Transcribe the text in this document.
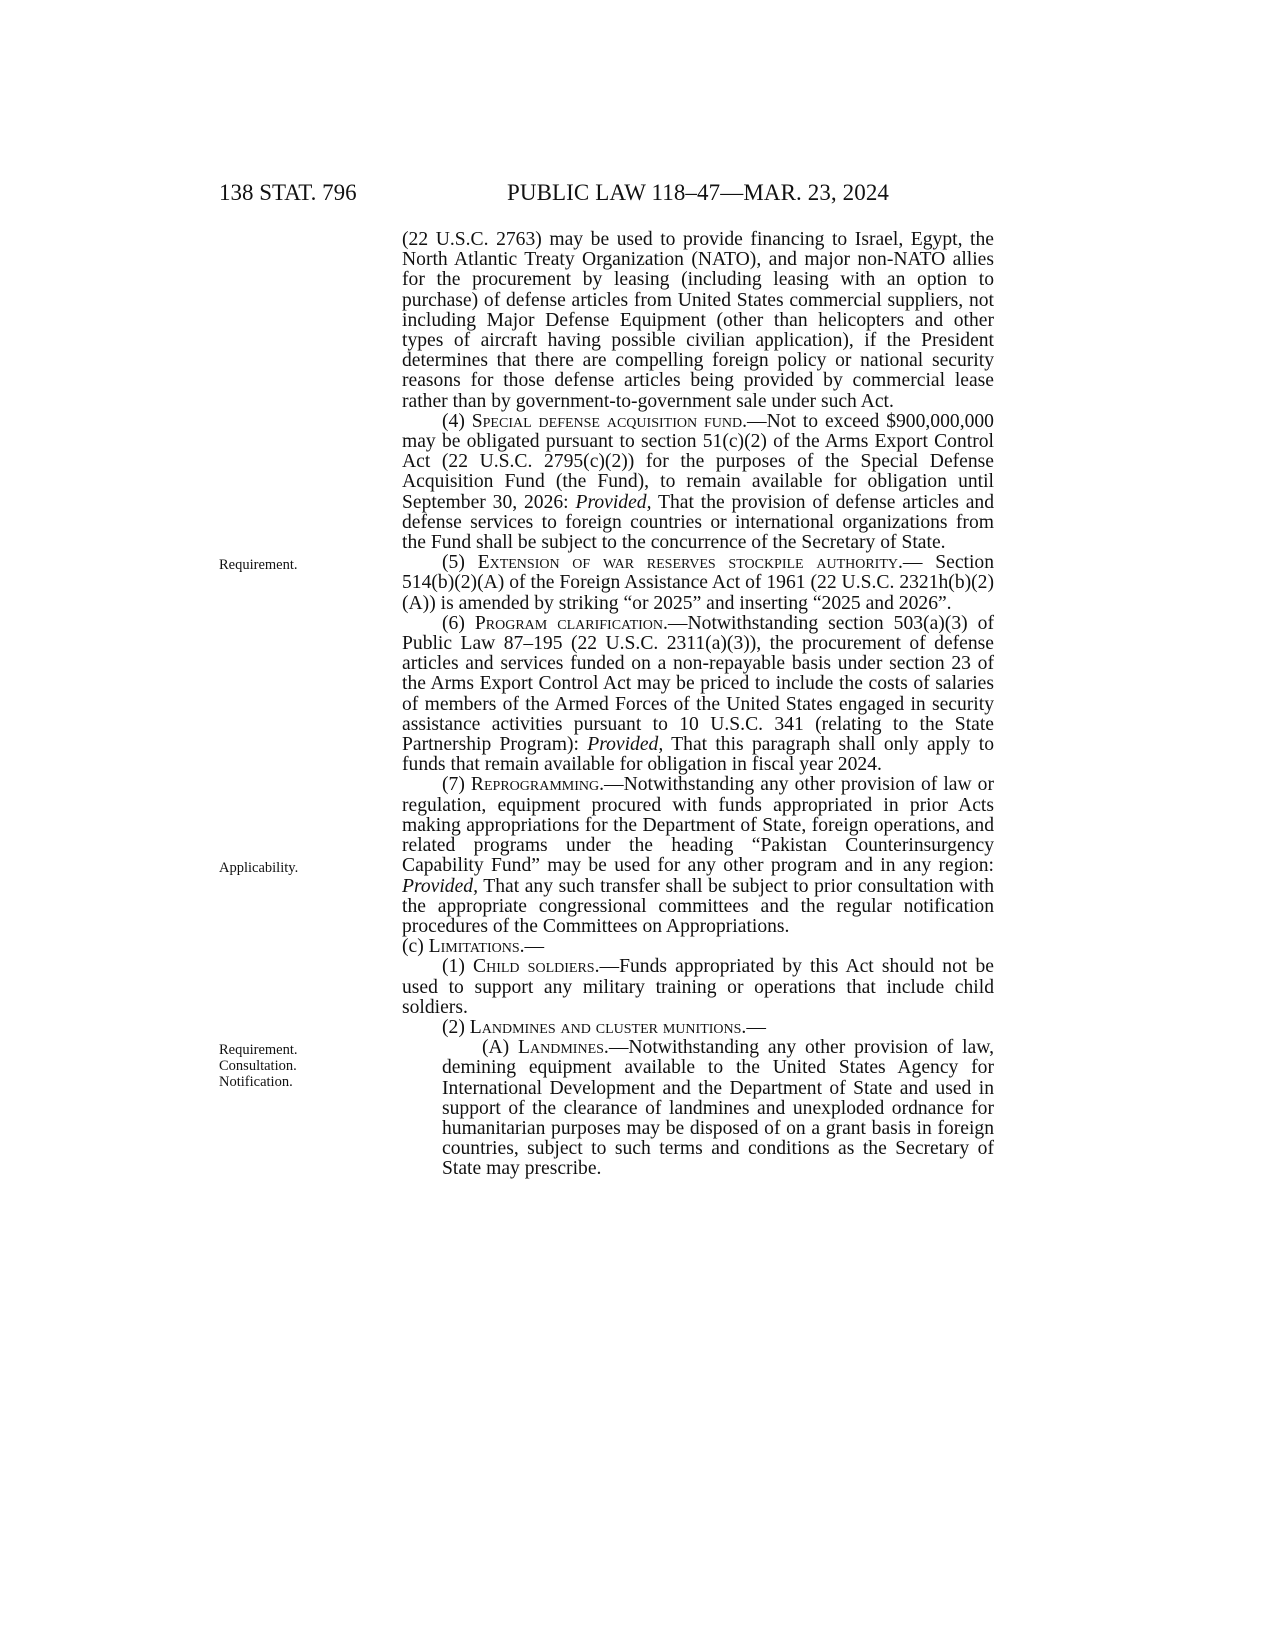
138 STAT. 796	PUBLIC LAW 118–47—MAR. 23, 2024
Requirement.
Applicability.
Requirement.
Consultation.
Notification.

(22 U.S.C. 2763) may be used to provide financing to Israel, Egypt, the North Atlantic Treaty Organization (NATO), and major non-NATO allies for the procurement by leasing (including leasing with an option to purchase) of defense articles from United States commercial suppliers, not including Major Defense Equipment (other than helicopters and other types of aircraft having possible civilian application), if the President determines that there are compelling foreign policy or national security reasons for those defense articles being provided by commercial lease rather than by government-to-government sale under such Act.

(4) Special defense acquisition fund.—Not to exceed $900,000,000 may be obligated pursuant to section 51(c)(2) of the Arms Export Control Act (22 U.S.C. 2795(c)(2)) for the purposes of the Special Defense Acquisition Fund (the Fund), to remain available for obligation until September 30, 2026: Provided, That the provision of defense articles and defense services to foreign countries or international organizations from the Fund shall be subject to the concurrence of the Secretary of State.

(5) Extension of war reserves stockpile authority.— Section 514(b)(2)(A) of the Foreign Assistance Act of 1961 (22 U.S.C. 2321h(b)(2)(A)) is amended by striking “or 2025” and inserting “2025 and 2026”.

(6) Program clarification.—Notwithstanding section 503(a)(3) of Public Law 87–195 (22 U.S.C. 2311(a)(3)), the procurement of defense articles and services funded on a non-repayable basis under section 23 of the Arms Export Control Act may be priced to include the costs of salaries of members of the Armed Forces of the United States engaged in security assistance activities pursuant to 10 U.S.C. 341 (relating to the State Partnership Program): Provided, That this paragraph shall only apply to funds that remain available for obligation in fiscal year 2024.

(7) Reprogramming.—Notwithstanding any other provision of law or regulation, equipment procured with funds appropriated in prior Acts making appropriations for the Department of State, foreign operations, and related programs under the heading “Pakistan Counterinsurgency Capability Fund” may be used for any other program and in any region: Provided, That any such transfer shall be subject to prior consultation with the appropriate congressional committees and the regular notification procedures of the Committees on Appropriations.

(c) Limitations.—

(1) Child soldiers.—Funds appropriated by this Act should not be used to support any military training or operations that include child soldiers.

(2) Landmines and cluster munitions.—

(A) Landmines.—Notwithstanding any other provision of law, demining equipment available to the United States Agency for International Development and the Department of State and used in support of the clearance of landmines and unexploded ordnance for humanitarian purposes may be disposed of on a grant basis in foreign countries, subject to such terms and conditions as the Secretary of State may prescribe.
